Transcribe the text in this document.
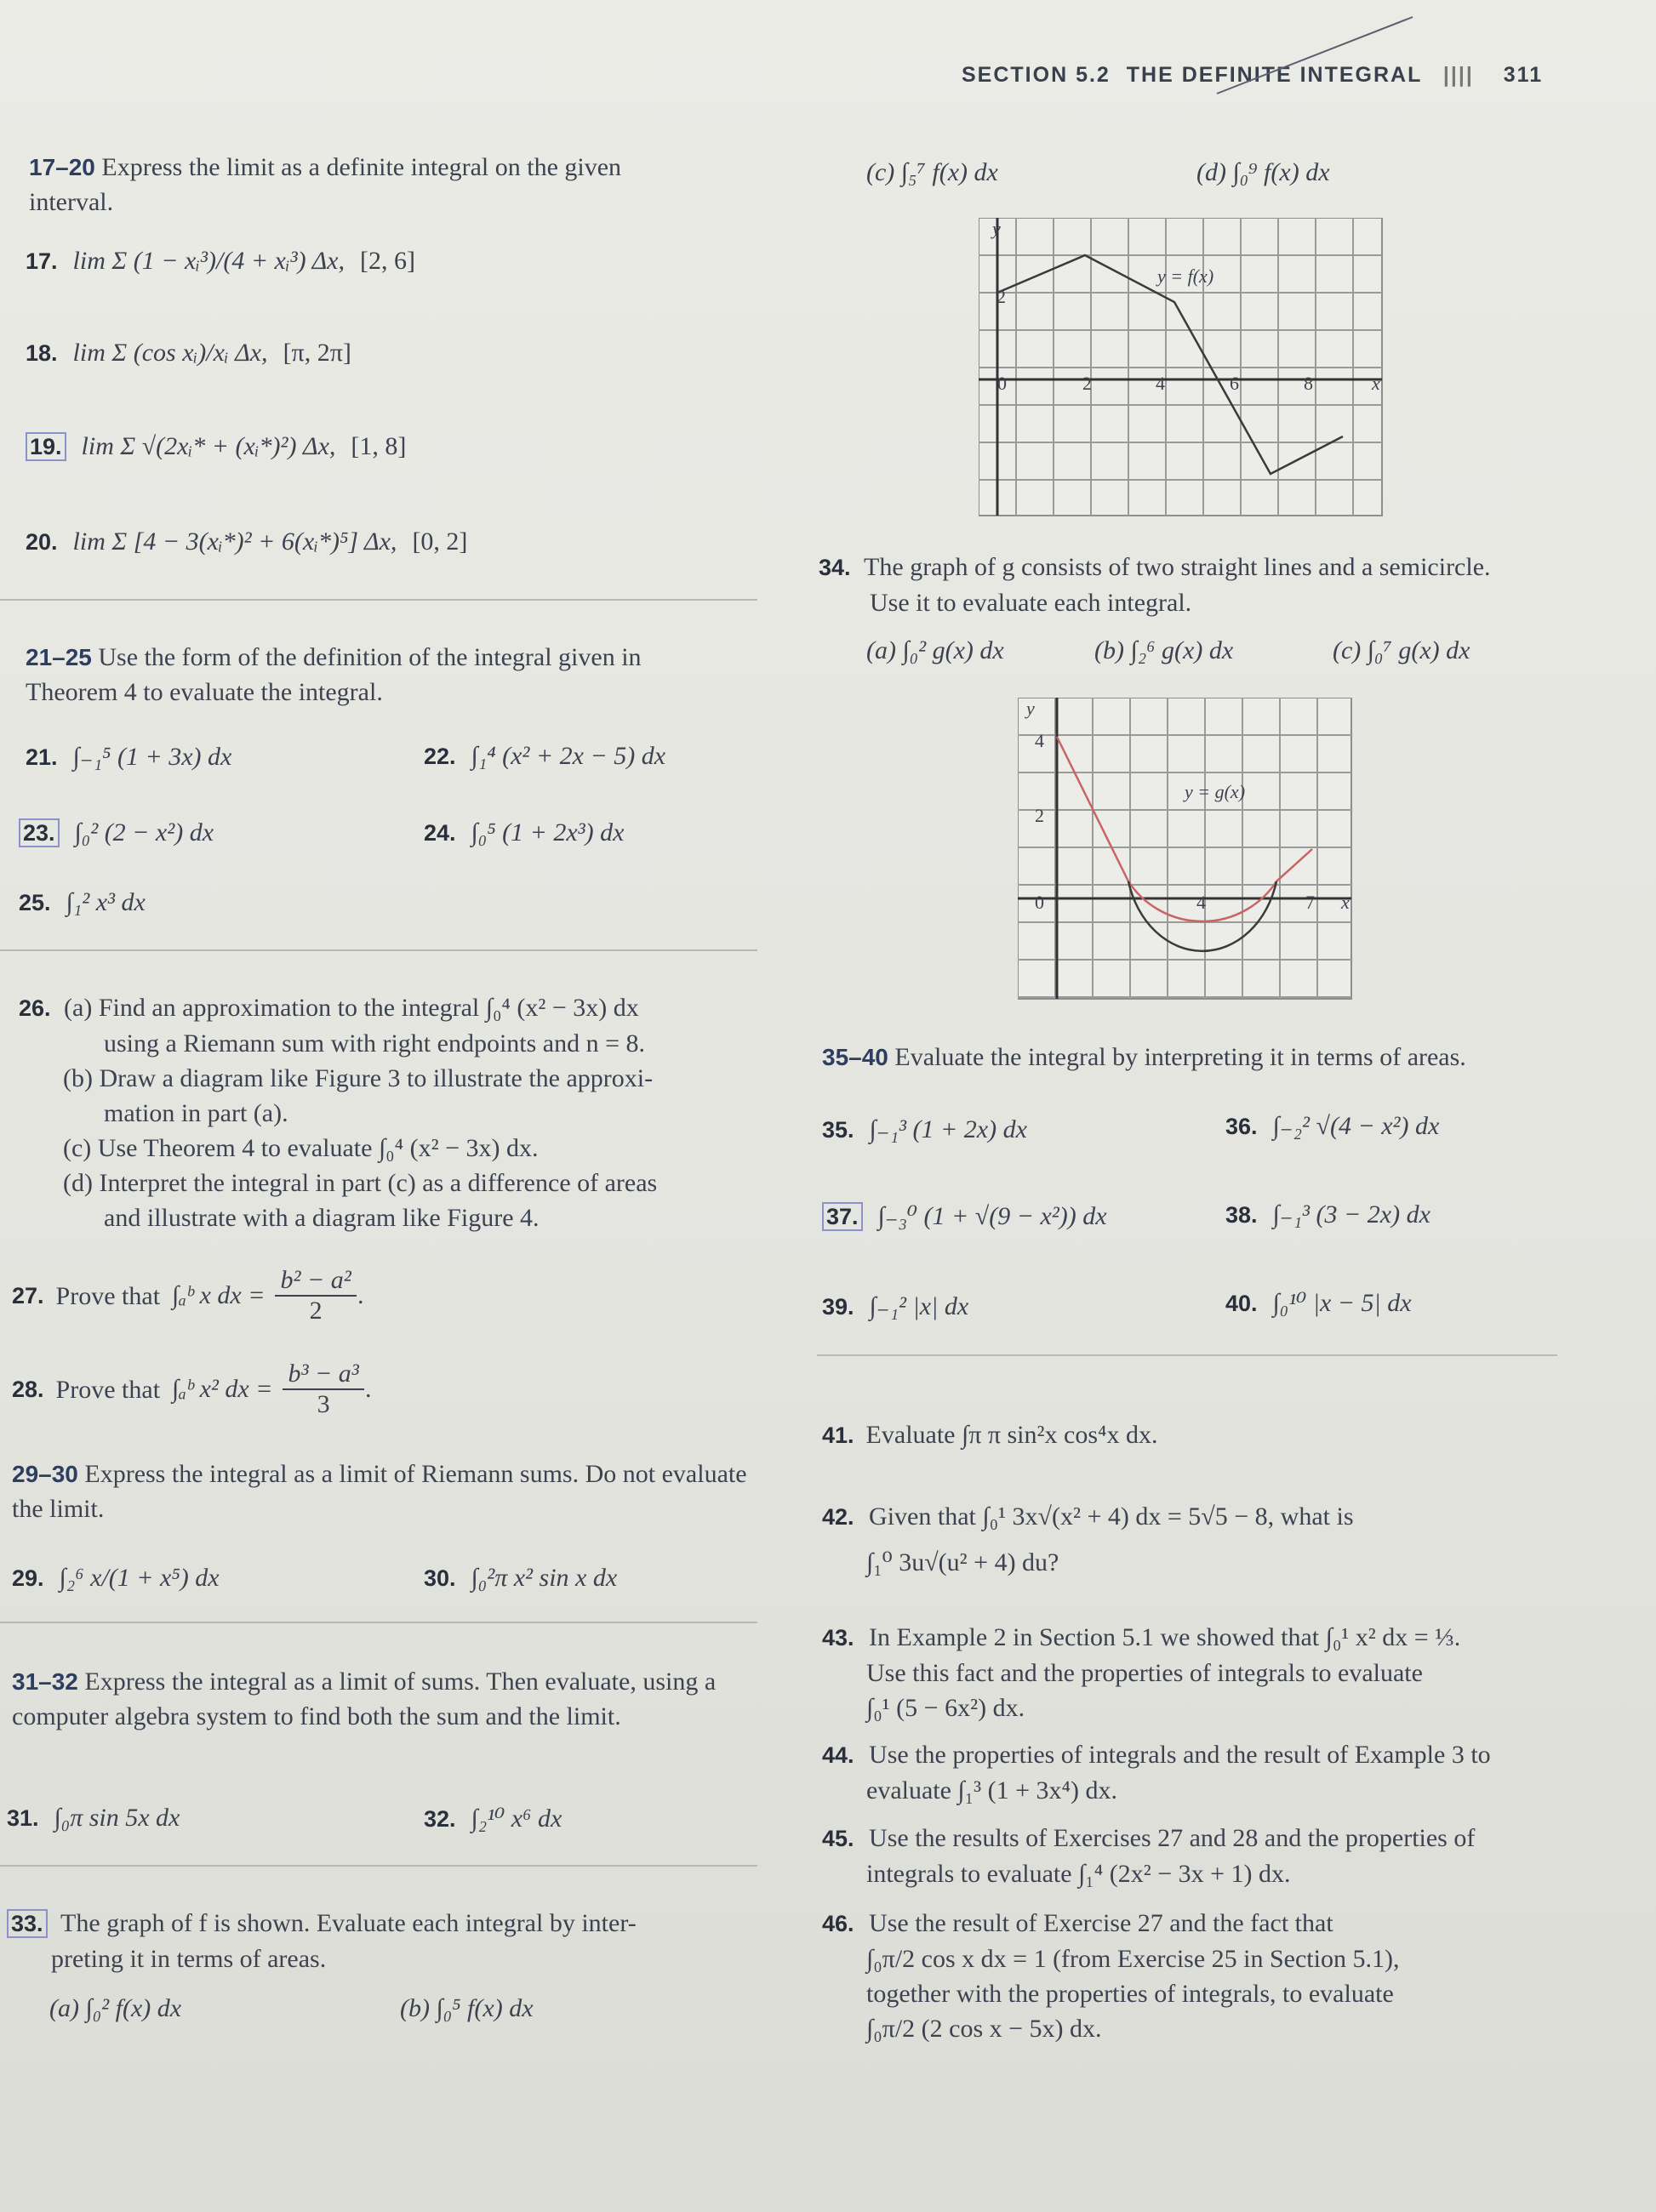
SECTION 5.2 THE DEFINITE INTEGRAL |||| 311
17–20 Express the limit as a definite integral on the given interval.
17. lim Σ (1 − xᵢ³)/(4 + xᵢ³) Δx, [2, 6]
18. lim Σ (cos xᵢ)/xᵢ Δx, [π, 2π]
19. lim Σ √(2xᵢ* + (xᵢ*)²) Δx, [1, 8]
20. lim Σ [4 − 3(xᵢ*)² + 6(xᵢ*)⁵] Δx, [0, 2]
21–25 Use the form of the definition of the integral given in Theorem 4 to evaluate the integral.
21. ∫₋₁⁵ (1 + 3x) dx	22. ∫₁⁴ (x² + 2x − 5) dx
23. ∫₀² (2 − x²) dx	24. ∫₀⁵ (1 + 2x³) dx
25. ∫₁² x³ dx
26. (a) Find an approximation to the integral ∫₀⁴ (x² − 3x) dx
using a Riemann sum with right endpoints and n = 8.
(b) Draw a diagram like Figure 3 to illustrate the approxi-
mation in part (a).
(c) Use Theorem 4 to evaluate ∫₀⁴ (x² − 3x) dx.
(d) Interpret the integral in part (c) as a difference of areas
and illustrate with a diagram like Figure 4.
27. Prove that ∫ₐᵇ x dx = $\frac{\text{b² − a²}}{2}$ .
28. Prove that ∫ₐᵇ x² dx = $\frac{\text{b³ − a³}}{3}$ .
29–30 Express the integral as a limit of Riemann sums. Do not evaluate the limit.
29. ∫₂⁶ x/(1 + x⁵) dx	30. ∫₀²π x² sin x dx
31–32 Express the integral as a limit of sums. Then evaluate, using a computer algebra system to find both the sum and the limit.
31. ∫₀π sin 5x dx	32. ∫₂¹⁰ x⁶ dx
33. The graph of f is shown. Evaluate each integral by inter-
preting it in terms of areas.
(a) ∫₀² f(x) dx	(b) ∫₀⁵ f(x) dx
(c) ∫₅⁷ f(x) dx	(d) ∫₀⁹ f(x) dx
y
x
y = f(x)
2
0	2	4	6	8
34. The graph of g consists of two straight lines and a semicircle.
Use it to evaluate each integral.
(a) ∫₀² g(x) dx	(b) ∫₂⁶ g(x) dx	(c) ∫₀⁷ g(x) dx
y
x
y = g(x)
4
2
0	4	7
35–40 Evaluate the integral by interpreting it in terms of areas.
35. ∫₋₁³ (1 + 2x) dx	36. ∫₋₂² √(4 − x²) dx
37. ∫₋₃⁰ (1 + √(9 − x²)) dx	38. ∫₋₁³ (3 − 2x) dx
39. ∫₋₁² |x| dx	40. ∫₀¹⁰ |x − 5| dx
41. Evaluate ∫π π sin²x cos⁴x dx.
42. Given that ∫₀¹ 3x√(x² + 4) dx = 5√5 − 8, what is
∫₁⁰ 3u√(u² + 4) du?
43. In Example 2 in Section 5.1 we showed that ∫₀¹ x² dx = ⅓.
Use this fact and the properties of integrals to evaluate
∫₀¹ (5 − 6x²) dx.
44. Use the properties of integrals and the result of Example 3 to
evaluate ∫₁³ (1 + 3x⁴) dx.
45. Use the results of Exercises 27 and 28 and the properties of
integrals to evaluate ∫₁⁴ (2x² − 3x + 1) dx.
46. Use the result of Exercise 27 and the fact that
∫₀π/2 cos x dx = 1 (from Exercise 25 in Section 5.1),
together with the properties of integrals, to evaluate
∫₀π/2 (2 cos x − 5x) dx.
